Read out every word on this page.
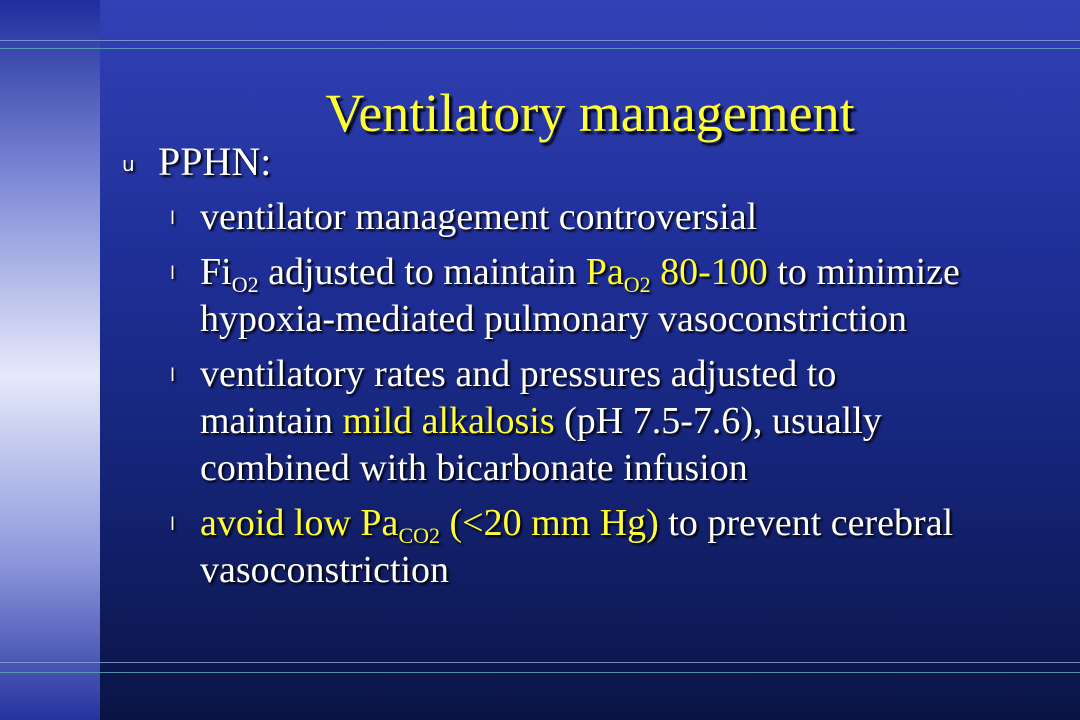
Ventilatory management
u PPHN:
l ventilator management controversial
l $Fi_{O2}$ adjusted to maintain $Pa_{O2}$ 80-100 to minimize hypoxia-mediated pulmonary vasoconstriction
l ventilatory rates and pressures adjusted to maintain mild alkalosis (pH 7.5-7.6), usually combined with bicarbonate infusion
l avoid low $Pa_{CO2}$ (<20 mm Hg) to prevent cerebral vasoconstriction
